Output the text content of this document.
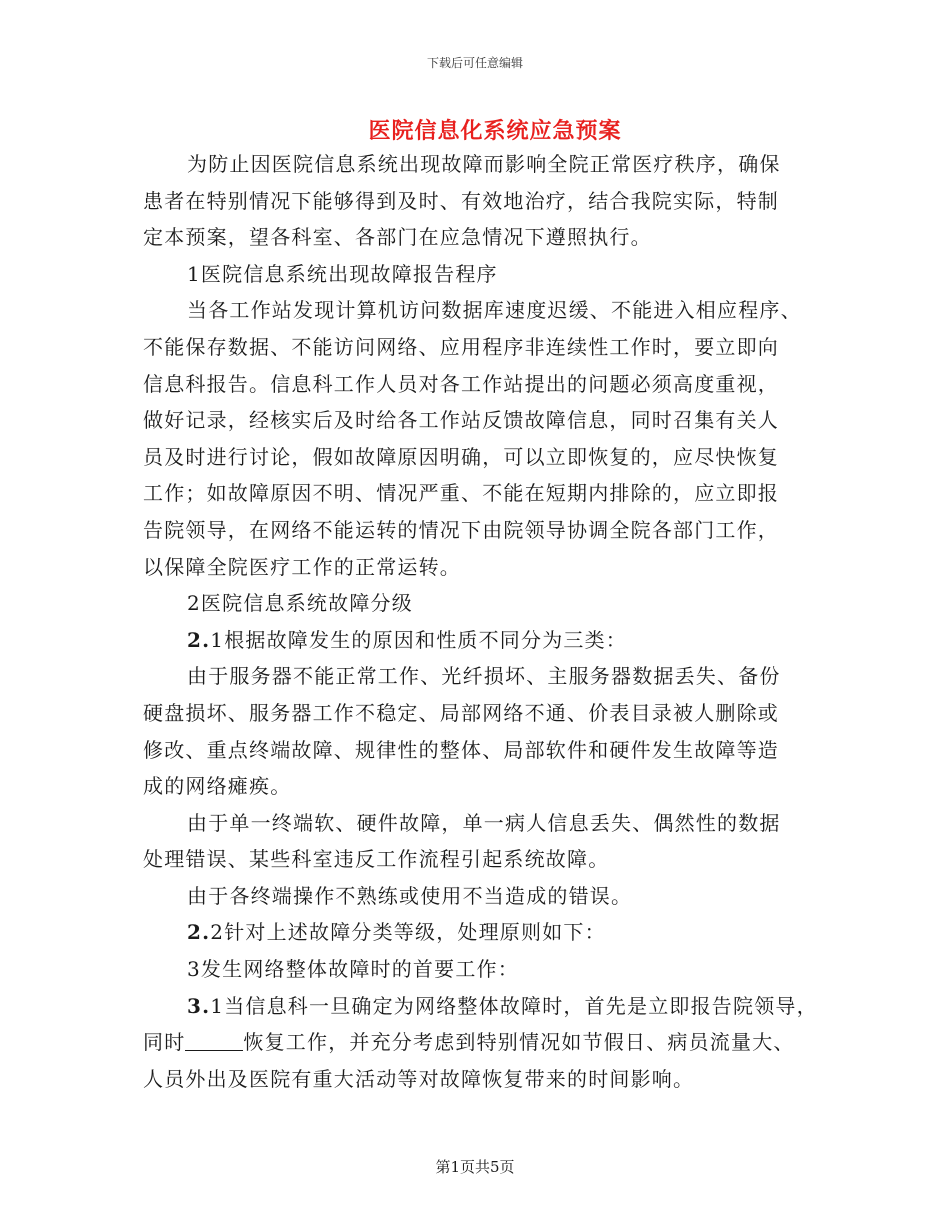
下载后可任意编辑
医院信息化系统应急预案

为防止因医院信息系统出现故障而影响全院正常医疗秩序，确保

患者在特别情况下能够得到及时、有效地治疗，结合我院实际，特制

定本预案，望各科室、各部门在应急情况下遵照执行。

1医院信息系统出现故障报告程序

当各工作站发现计算机访问数据库速度迟缓、不能进入相应程序、

不能保存数据、不能访问网络、应用程序非连续性工作时，要立即向

信息科报告。信息科工作人员对各工作站提出的问题必须高度重视，

做好记录，经核实后及时给各工作站反馈故障信息，同时召集有关人

员及时进行讨论，假如故障原因明确，可以立即恢复的，应尽快恢复

工作；如故障原因不明、情况严重、不能在短期内排除的，应立即报

告院领导，在网络不能运转的情况下由院领导协调全院各部门工作，

以保障全院医疗工作的正常运转。

2医院信息系统故障分级

2.1根据故障发生的原因和性质不同分为三类：

由于服务器不能正常工作、光纤损坏、主服务器数据丢失、备份

硬盘损坏、服务器工作不稳定、局部网络不通、价表目录被人删除或

修改、重点终端故障、规律性的整体、局部软件和硬件发生故障等造

成的网络瘫痪。

由于单一终端软、硬件故障，单一病人信息丢失、偶然性的数据

处理错误、某些科室违反工作流程引起系统故障。

由于各终端操作不熟练或使用不当造成的错误。

2.2针对上述故障分类等级，处理原则如下：

3发生网络整体故障时的首要工作：

3.1当信息科一旦确定为网络整体故障时，首先是立即报告院领导，

同时	恢复工作，并充分考虑到特别情况如节假日、病员流量大、

人员外出及医院有重大活动等对故障恢复带来的时间影响。

第1页共5页
